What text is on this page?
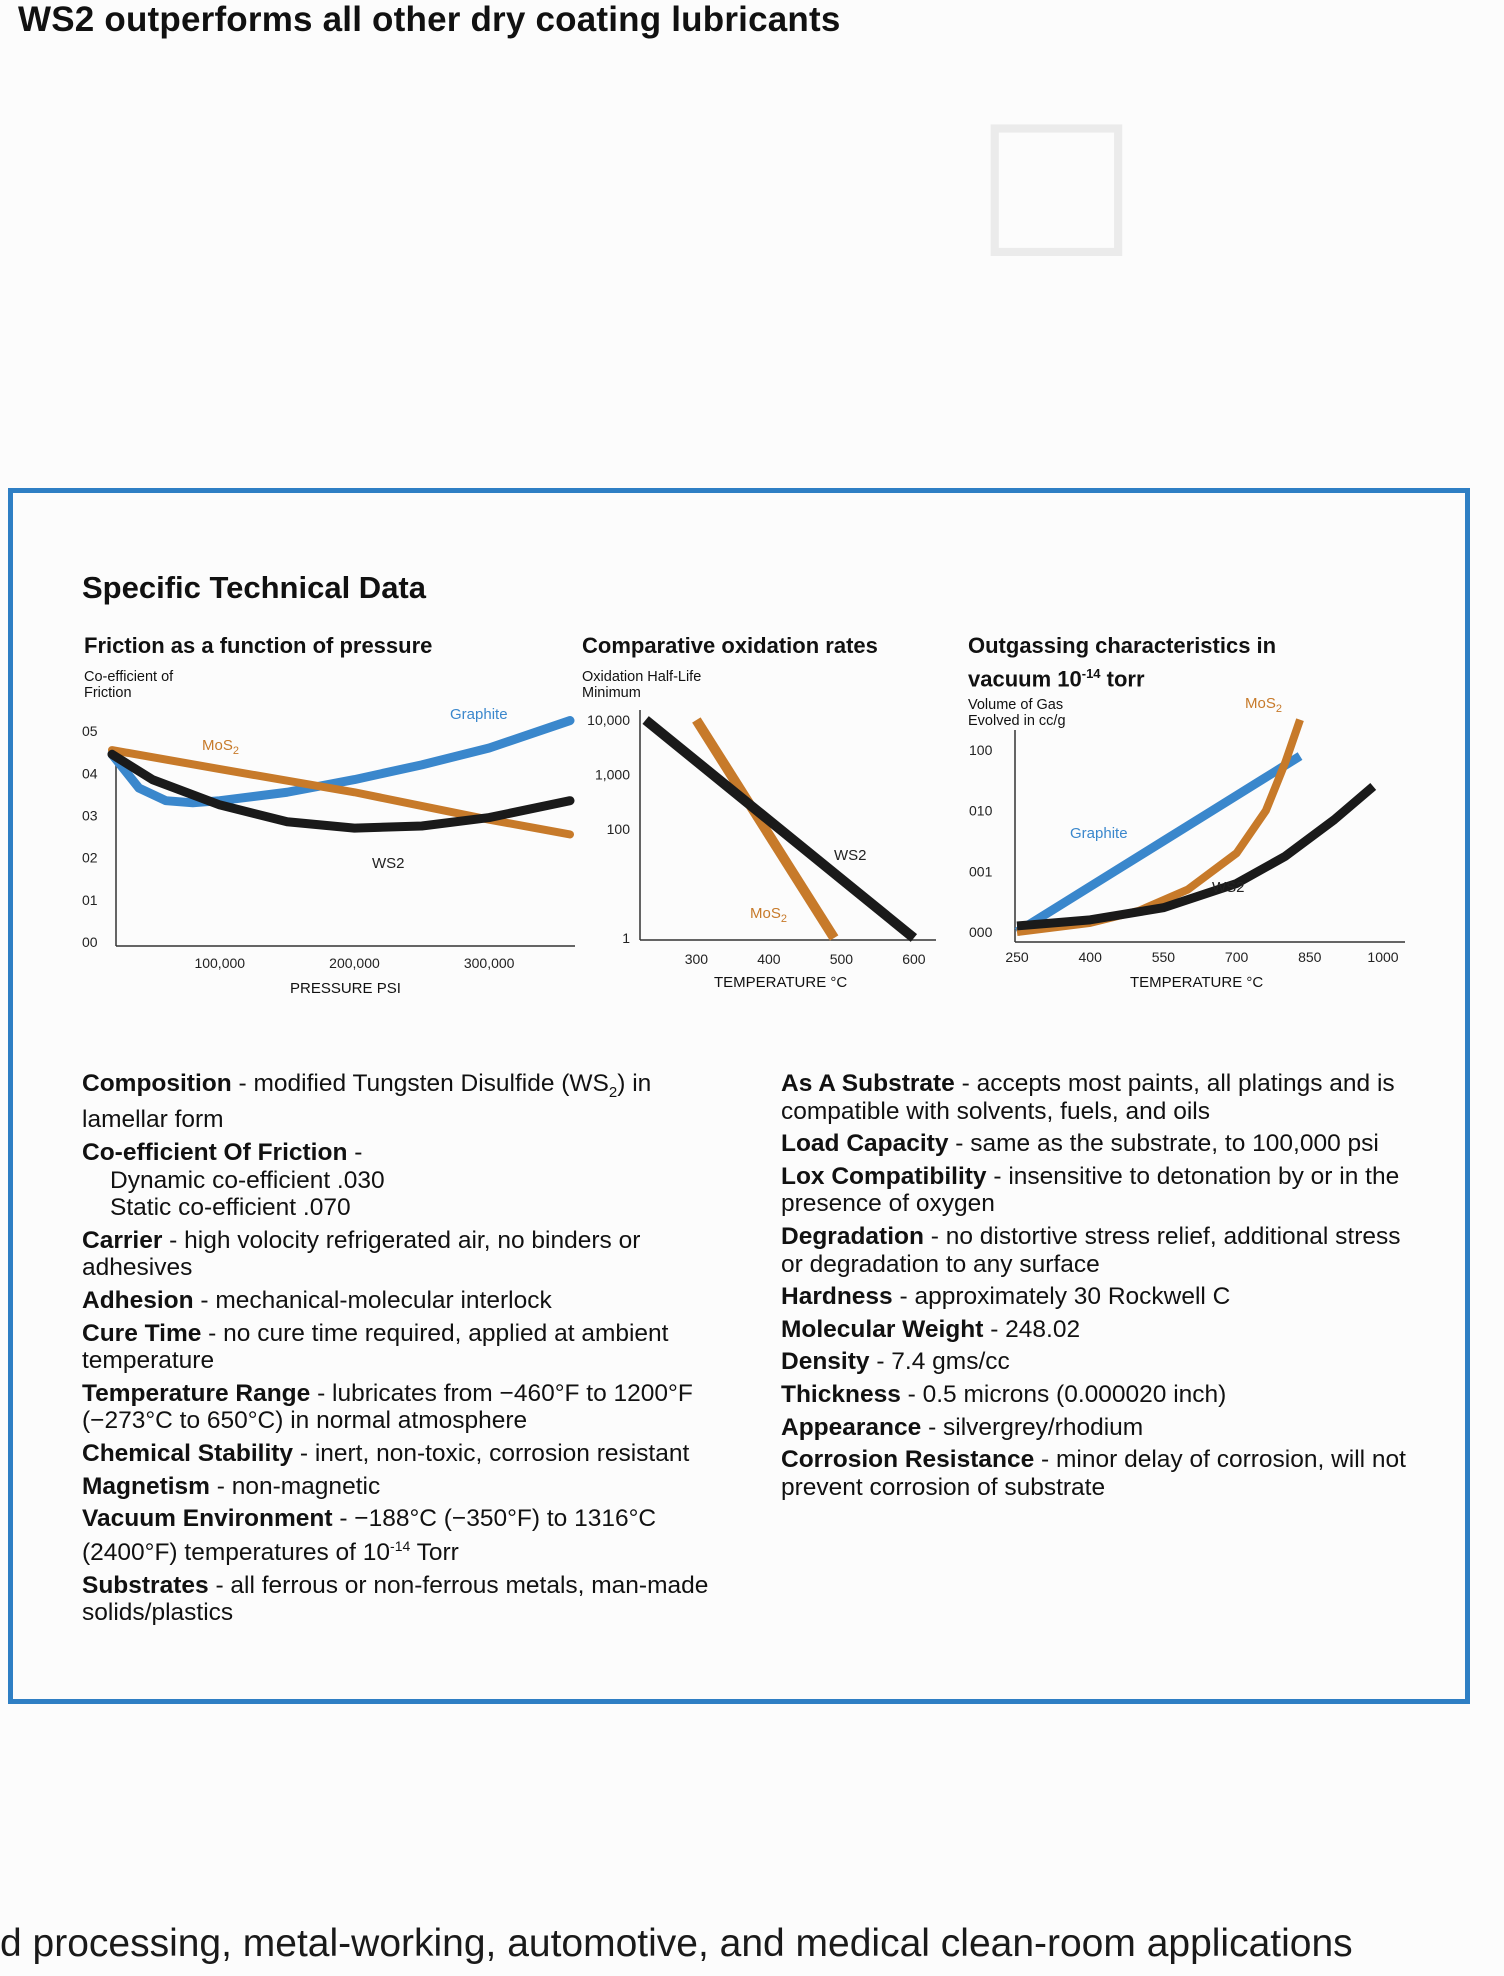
□
WS2 outperforms all other dry coating lubricants
Specific Technical Data
Friction as a function of pressure
Co-efficient of Friction
00
01
02
03
04
05
100,000	200,000	300,000
Graphite
MoS$_2$
WS2
PRESSURE PSI
Comparative oxidation rates
Oxidation Half-Life Minimum
1
100
1,000
10,000
300	400	500	600
WS2
MoS$_2$
TEMPERATURE °C
Outgassing characteristics in
vacuum $10^{-14}$ torr
Volume of Gas Evolved in cc/g
000
001
010
100
250	400	550	700	850	1000
Graphite
MoS$_2$
WS2
TEMPERATURE °C

Composition - modified Tungsten Disulfide $(WS_2)$ in lamellar form

Co-efficient Of Friction -
Dynamic co-efficient .030
Static co-efficient .070

Carrier - high volocity refrigerated air, no binders or adhesives

Adhesion - mechanical-molecular interlock

Cure Time - no cure time required, applied at ambient temperature

Temperature Range - lubricates from −460°F to 1200°F (−273°C to 650°C) in normal atmosphere

Chemical Stability - inert, non-toxic, corrosion resistant

Magnetism - non-magnetic

Vacuum Environment - −188°C (−350°F) to 1316°C (2400°F) temperatures of $10^{-14}$ Torr

Substrates - all ferrous or non-ferrous metals, man-made solids/plastics

As A Substrate - accepts most paints, all platings and is compatible with solvents, fuels, and oils

Load Capacity - same as the substrate, to 100,000 psi

Lox Compatibility - insensitive to detonation by or in the presence of oxygen

Degradation - no distortive stress relief, additional stress or degradation to any surface

Hardness - approximately 30 Rockwell C

Molecular Weight - 248.02

Density - 7.4 gms/cc

Thickness - 0.5 microns (0.000020 inch)

Appearance - silvergrey/rhodium

Corrosion Resistance - minor delay of corrosion, will not prevent corrosion of substrate

d processing, metal-working, automotive, and medical clean-room applications
